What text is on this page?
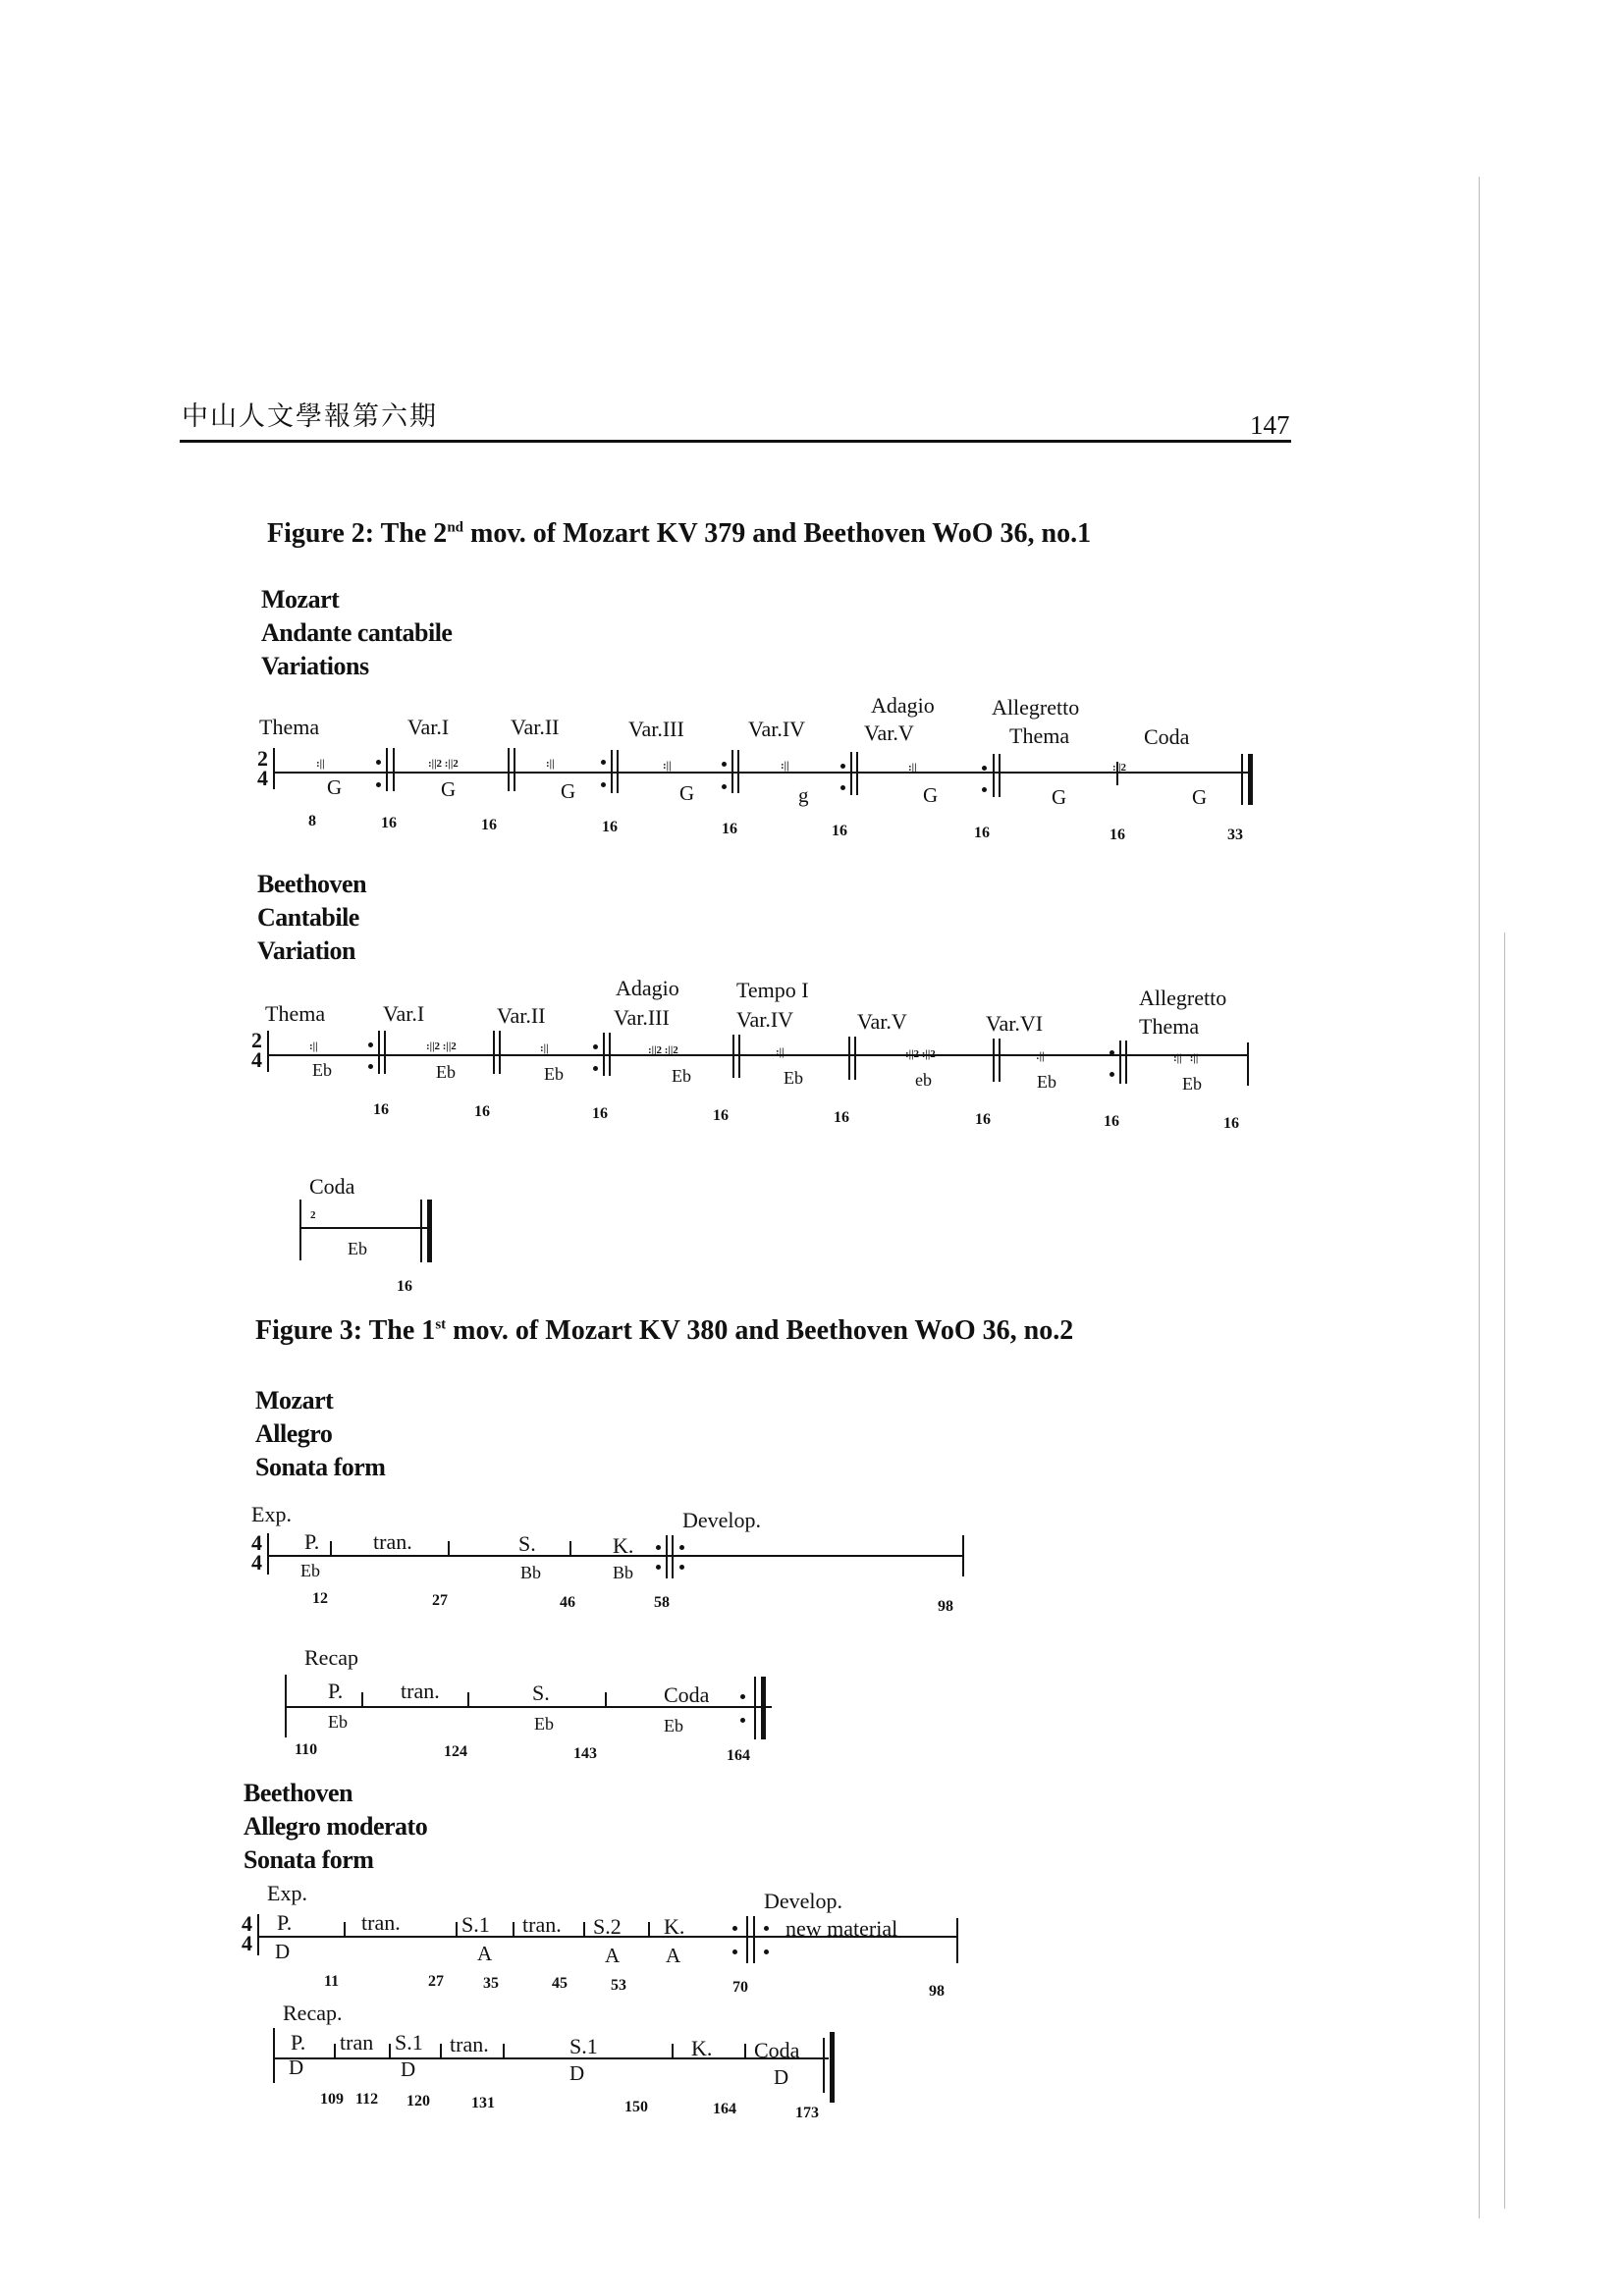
中山人文學報第六期	147
Figure 2: The 2nd mov. of Mozart KV 379 and Beethoven WoO 36, no.1
Mozart
Andante cantabile
Variations
Adagio	Allegretto
Thema	Var.I	Var.II	Var.III	Var.IV	Var.V	Thema	Coda
2
4
:||	:||2 :||2	:||	:||	:||	:||	:||2
G	G	G	G	g	G	G	G
8	16	16	16	16	16	16	16	33
Beethoven
Cantabile
Variation
Adagio	Tempo I	Allegretto
Thema	Var.I	Var.II	Var.III	Var.IV	Var.V	Var.VI	Thema
2
4
:||	:||2 :||2	:||	:||2 :||2	:||	:||2 :||2	:||	:||   :||
Eb	Eb	Eb	Eb	Eb	eb	Eb	Eb
16	16	16	16	16	16	16	16
Coda
2
Eb
16
Figure 3: The 1st mov. of Mozart KV 380 and Beethoven WoO 36, no.2
Mozart
Allegro
Sonata form
Exp.	Develop.
4
4
P. tran.	S.	K.
Eb	Bb	Bb
12	27	46	58	98
Recap
P.	tran.	S.	Coda
Eb	Eb	Eb
110	124	143	164
Beethoven
Allegro moderato
Sonata form
Exp.	Develop.
4
4
P.	tran.	S.1 tran. S.2 K.	new material
D	A	A A
11	27	35	45	53	70	98
Recap.
P. tran S.1 tran.	S.1	K. Coda
D	D	D	D
109 112 120	131	150	164	173
